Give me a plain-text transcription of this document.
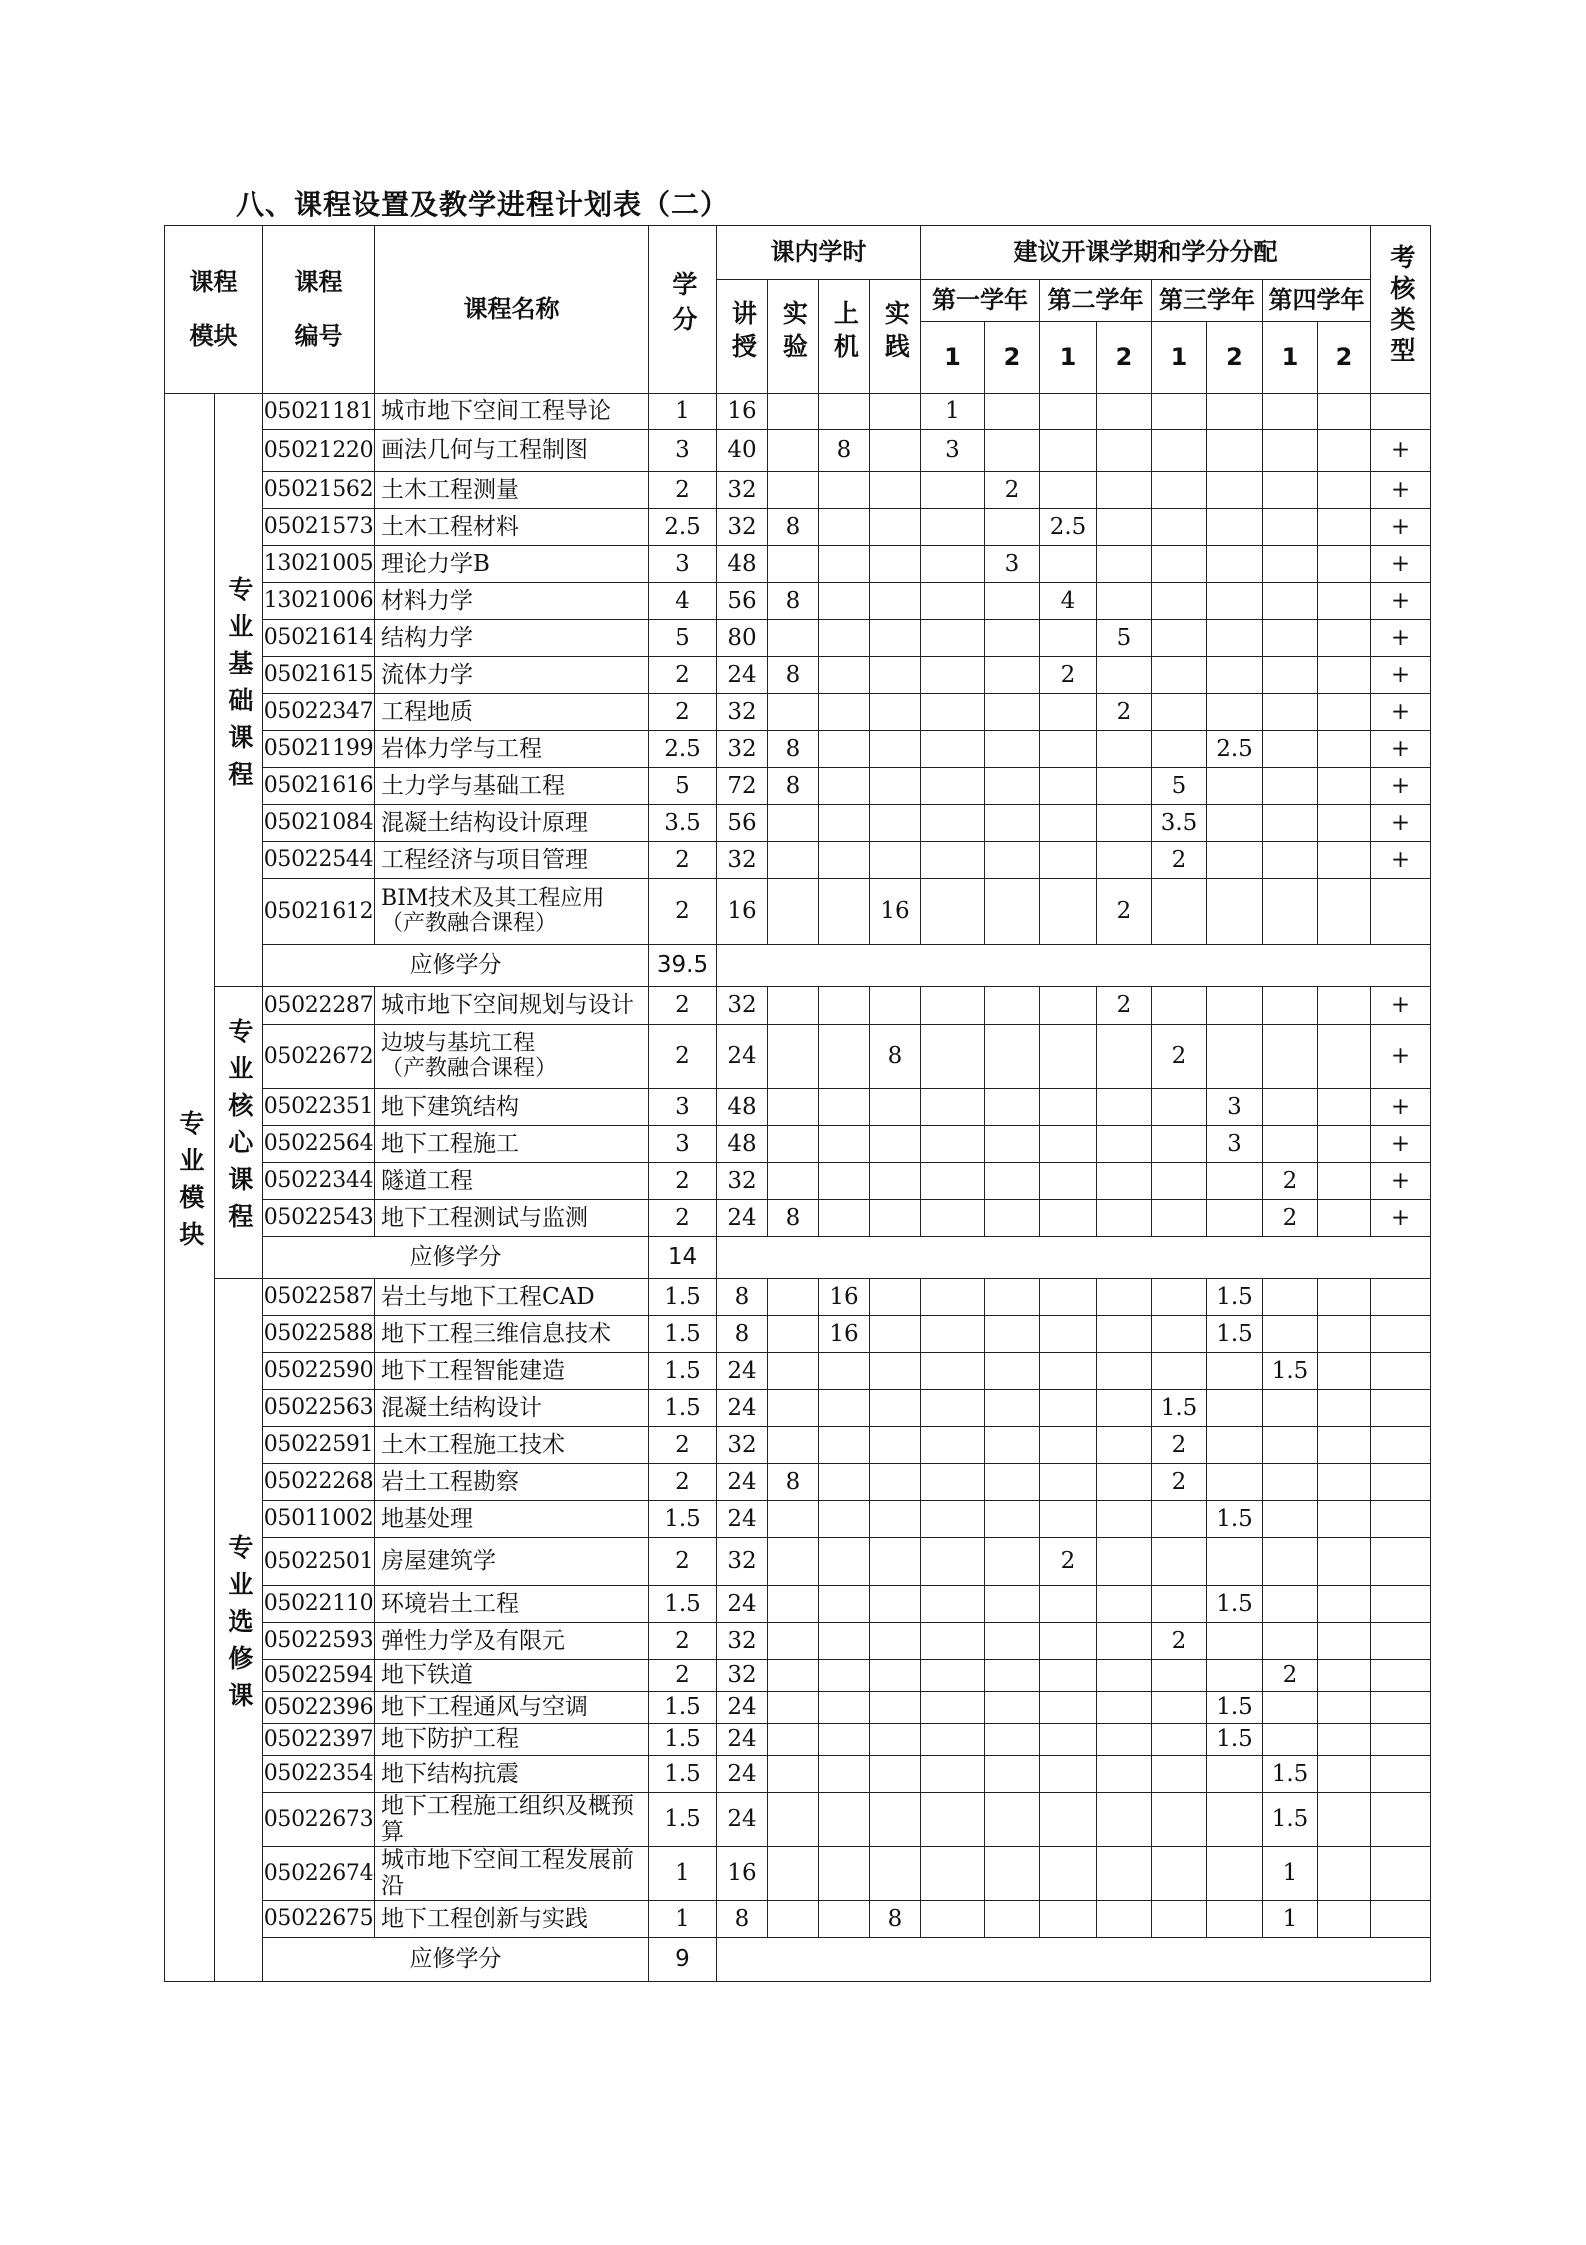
八、课程设置及教学进程计划表（二）
课程
模块		课程
编号	课程名称	学分	课内学时				建议开课学期和学分分配								考核类型
					讲授	实验	上机	实践	第一学年		第二学年		第三学年		第四学年		
									1	2	1	2	1	2	1	2	
专业模块	专业基础课程	05021181	城市地下空间工程导论	1	16				1								
		05021220	画法几何与工程制图	3	40		8		3								+
		05021562	土木工程测量	2	32					2							+
		05021573	土木工程材料	2.5	32	8					2.5						+
		13021005	理论力学B	3	48					3							+
		13021006	材料力学	4	56	8					4						+
		05021614	结构力学	5	80							5					+
		05021615	流体力学	2	24	8					2						+
		05022347	工程地质	2	32							2					+
		05021199	岩体力学与工程	2.5	32	8								2.5			+
		05021616	土力学与基础工程	5	72	8							5				+
		05021084	混凝土结构设计原理	3.5	56								3.5				+
		05022544	工程经济与项目管理	2	32								2				+
		05021612	BIM技术及其工程应用
（产教融合课程）	2	16			16				2					
		应修学分		39.5													
	专业核心课程	05022287	城市地下空间规划与设计	2	32							2					+
		05022672	边坡与基坑工程
（产教融合课程）	2	24			8					2				+
		05022351	地下建筑结构	3	48									3			+
		05022564	地下工程施工	3	48									3			+
		05022344	隧道工程	2	32										2		+
		05022543	地下工程测试与监测	2	24	8									2		+
		应修学分		14													
	专业选修课	05022587	岩土与地下工程CAD	1.5	8		16							1.5			
		05022588	地下工程三维信息技术	1.5	8		16							1.5			
		05022590	地下工程智能建造	1.5	24										1.5		
		05022563	混凝土结构设计	1.5	24								1.5				
		05022591	土木工程施工技术	2	32								2				
		05022268	岩土工程勘察	2	24	8							2				
		05011002	地基处理	1.5	24									1.5			
		05022501	房屋建筑学	2	32						2						
		05022110	环境岩土工程	1.5	24									1.5			
		05022593	弹性力学及有限元	2	32								2				
		05022594	地下铁道	2	32										2		
		05022396	地下工程通风与空调	1.5	24									1.5			
		05022397	地下防护工程	1.5	24									1.5			
		05022354	地下结构抗震	1.5	24										1.5		
		05022673	地下工程施工组织及概预算	1.5	24										1.5		
		05022674	城市地下空间工程发展前沿	1	16										1		
		05022675	地下工程创新与实践	1	8			8							1		
		应修学分		9													
